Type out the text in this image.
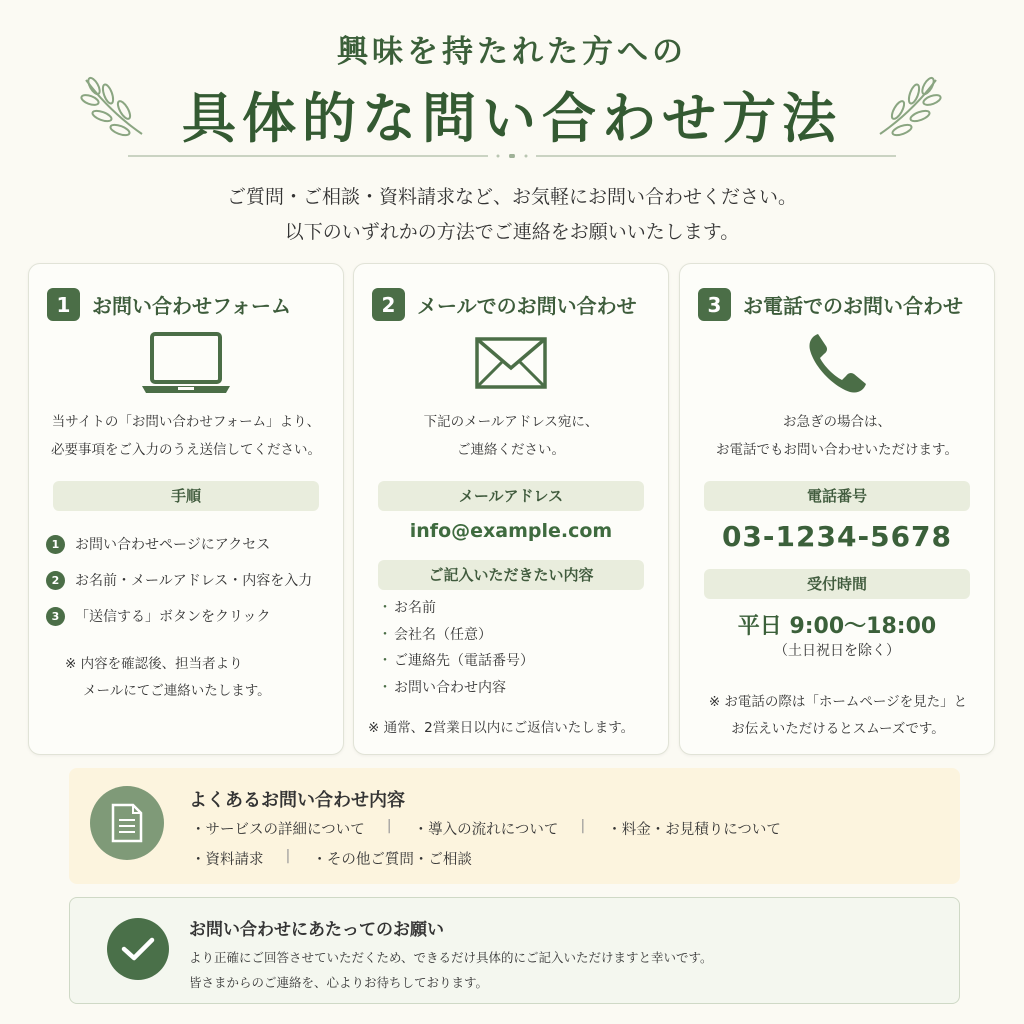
興味を持たれた方への
具体的な問い合わせ方法
ご質問・ご相談・資料請求など、お気軽にお問い合わせください。
以下のいずれかの方法でご連絡をお願いいたします。
1	お問い合わせフォーム
当サイトの「お問い合わせフォーム」より、
必要事項をご入力のうえ送信してください。
手順
※ 内容を確認後、担当者より
メールにてご連絡いたします。
1	お問い合わせページにアクセス
2	お名前・メールアドレス・内容を入力
3	「送信する」ボタンをクリック
2	メールでのお問い合わせ
下記のメールアドレス宛に、
ご連絡ください。
メールアドレス
ご記入いただきたい内容
※ 通常、2営業日以内にご返信いたします。
info@example.com
・ お名前
・ 会社名（任意）
・ ご連絡先（電話番号）
・ お問い合わせ内容
3	お電話でのお問い合わせ
お急ぎの場合は、
お電話でもお問い合わせいただけます。
電話番号
受付時間
※ お電話の際は「ホームページを見た」と
お伝えいただけるとスムーズです。
03-1234-5678
平日 9:00〜18:00
（土日祝日を除く）
よくあるお問い合わせ内容
・サービスの詳細について | ・導入の流れについて | ・料金・お見積りについて
・資料請求 | ・その他ご質問・ご相談
お問い合わせにあたってのお願い
より正確にご回答させていただくため、できるだけ具体的にご記入いただけますと幸いです。
皆さまからのご連絡を、心よりお待ちしております。
